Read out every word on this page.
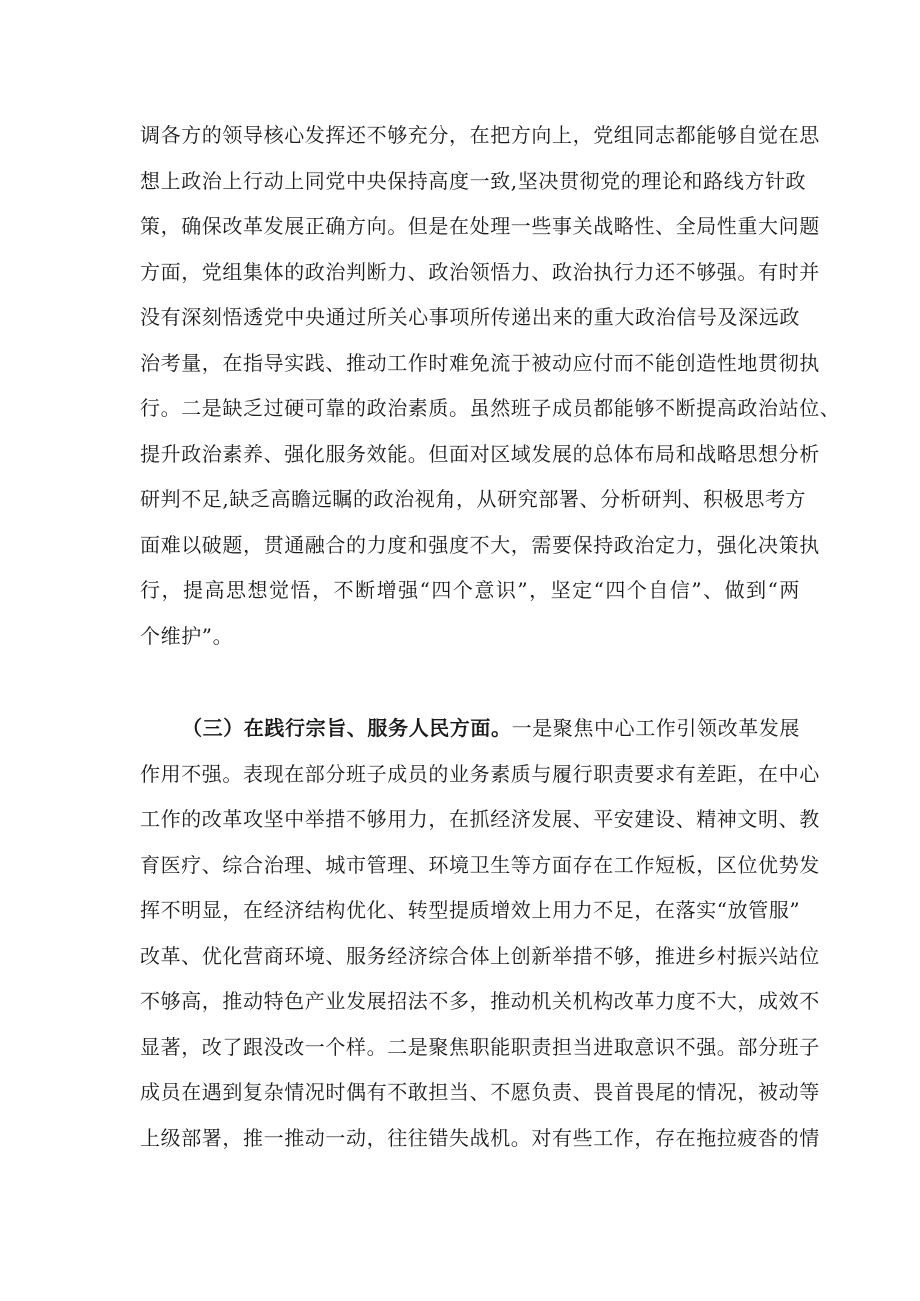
调各方的领导核心发挥还不够充分，在把方向上，党组同志都能够自觉在思
想上政治上行动上同党中央保持高度一致,坚决贯彻党的理论和路线方针政
策，确保改革发展正确方向。但是在处理一些事关战略性、全局性重大问题
方面，党组集体的政治判断力、政治领悟力、政治执行力还不够强。有时并
没有深刻悟透党中央通过所关心事项所传递出来的重大政治信号及深远政
治考量，在指导实践、推动工作时难免流于被动应付而不能创造性地贯彻执
行。二是缺乏过硬可靠的政治素质。虽然班子成员都能够不断提高政治站位、
提升政治素养、强化服务效能。但面对区域发展的总体布局和战略思想分析
研判不足,缺乏高瞻远瞩的政治视角，从研究部署、分析研判、积极思考方
面难以破题，贯通融合的力度和强度不大，需要保持政治定力，强化决策执
行，提高思想觉悟，不断增强“四个意识”，坚定“四个自信”、做到“两
个维护”。
（三）在践行宗旨、服务人民方面。一是聚焦中心工作引领改革发展
作用不强。表现在部分班子成员的业务素质与履行职责要求有差距，在中心
工作的改革攻坚中举措不够用力，在抓经济发展、平安建设、精神文明、教
育医疗、综合治理、城市管理、环境卫生等方面存在工作短板，区位优势发
挥不明显，在经济结构优化、转型提质增效上用力不足，在落实“放管服”
改革、优化营商环境、服务经济综合体上创新举措不够，推进乡村振兴站位
不够高，推动特色产业发展招法不多，推动机关机构改革力度不大，成效不
显著，改了跟没改一个样。二是聚焦职能职责担当进取意识不强。部分班子
成员在遇到复杂情况时偶有不敢担当、不愿负责、畏首畏尾的情况，被动等
上级部署，推一推动一动，往往错失战机。对有些工作，存在拖拉疲沓的情
